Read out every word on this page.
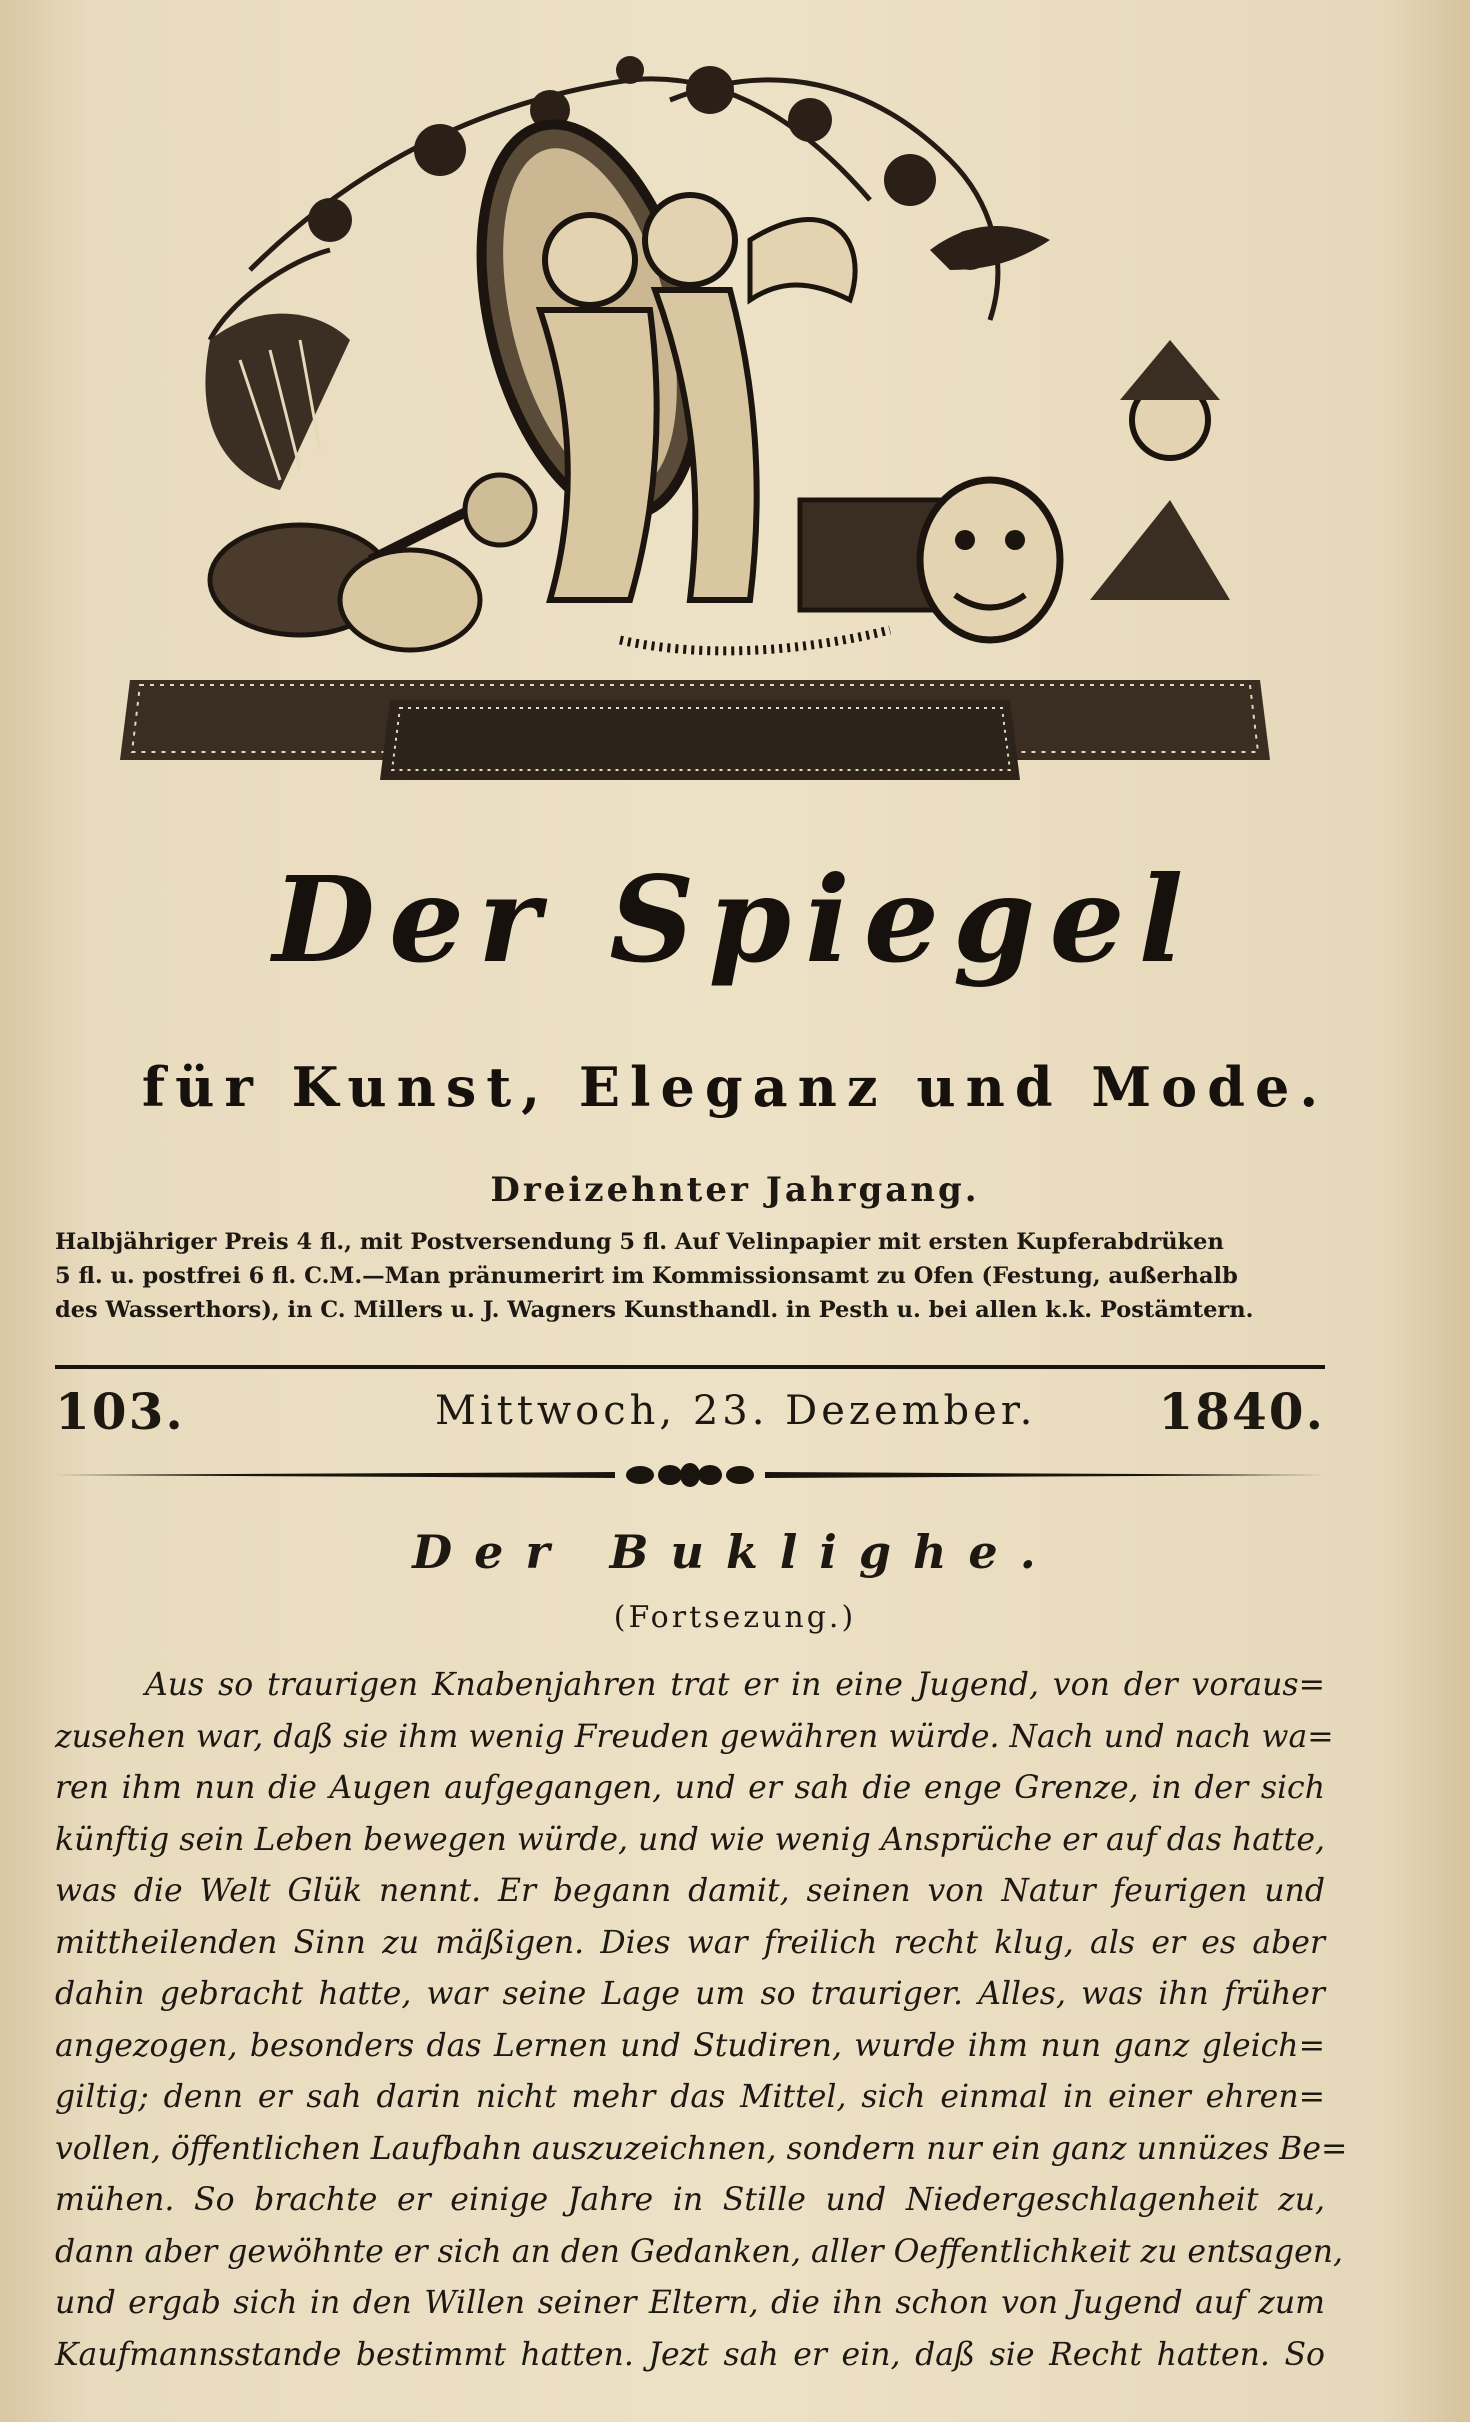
Der Spiegel
für Kunst, Eleganz und Mode.
Dreizehnter Jahrgang.
Halbjähriger Preis 4 fl., mit Postversendung 5 fl. Auf Velinpapier mit ersten Kupferabdrüken
5 fl. u. postfrei 6 fl. C.M.—Man pränumerirt im Kommissionsamt zu Ofen (Festung, außerhalb
des Wasserthors), in C. Millers u. J. Wagners Kunsthandl. in Pesth u. bei allen k.k. Postämtern.
103.	Mittwoch, 23. Dezember. 1840.
Der Buklighe.
(Fortsezung.)
Aus so traurigen Knabenjahren trat er in eine Jugend, von der voraus=
zusehen war, daß sie ihm wenig Freuden gewähren würde. Nach und nach wa=
ren ihm nun die Augen aufgegangen, und er sah die enge Grenze, in der sich
künftig sein Leben bewegen würde, und wie wenig Ansprüche er auf das hatte,
was die Welt Glük nennt. Er begann damit, seinen von Natur feurigen und
mittheilenden Sinn zu mäßigen. Dies war freilich recht klug, als er es aber
dahin gebracht hatte, war seine Lage um so trauriger. Alles, was ihn früher
angezogen, besonders das Lernen und Studiren, wurde ihm nun ganz gleich=
giltig; denn er sah darin nicht mehr das Mittel, sich einmal in einer ehren=
vollen, öffentlichen Laufbahn auszuzeichnen, sondern nur ein ganz unnüzes Be=
mühen. So brachte er einige Jahre in Stille und Niedergeschlagenheit zu,
dann aber gewöhnte er sich an den Gedanken, aller Oeffentlichkeit zu entsagen,
und ergab sich in den Willen seiner Eltern, die ihn schon von Jugend auf zum
Kaufmannsstande bestimmt hatten. Jezt sah er ein, daß sie Recht hatten. So
